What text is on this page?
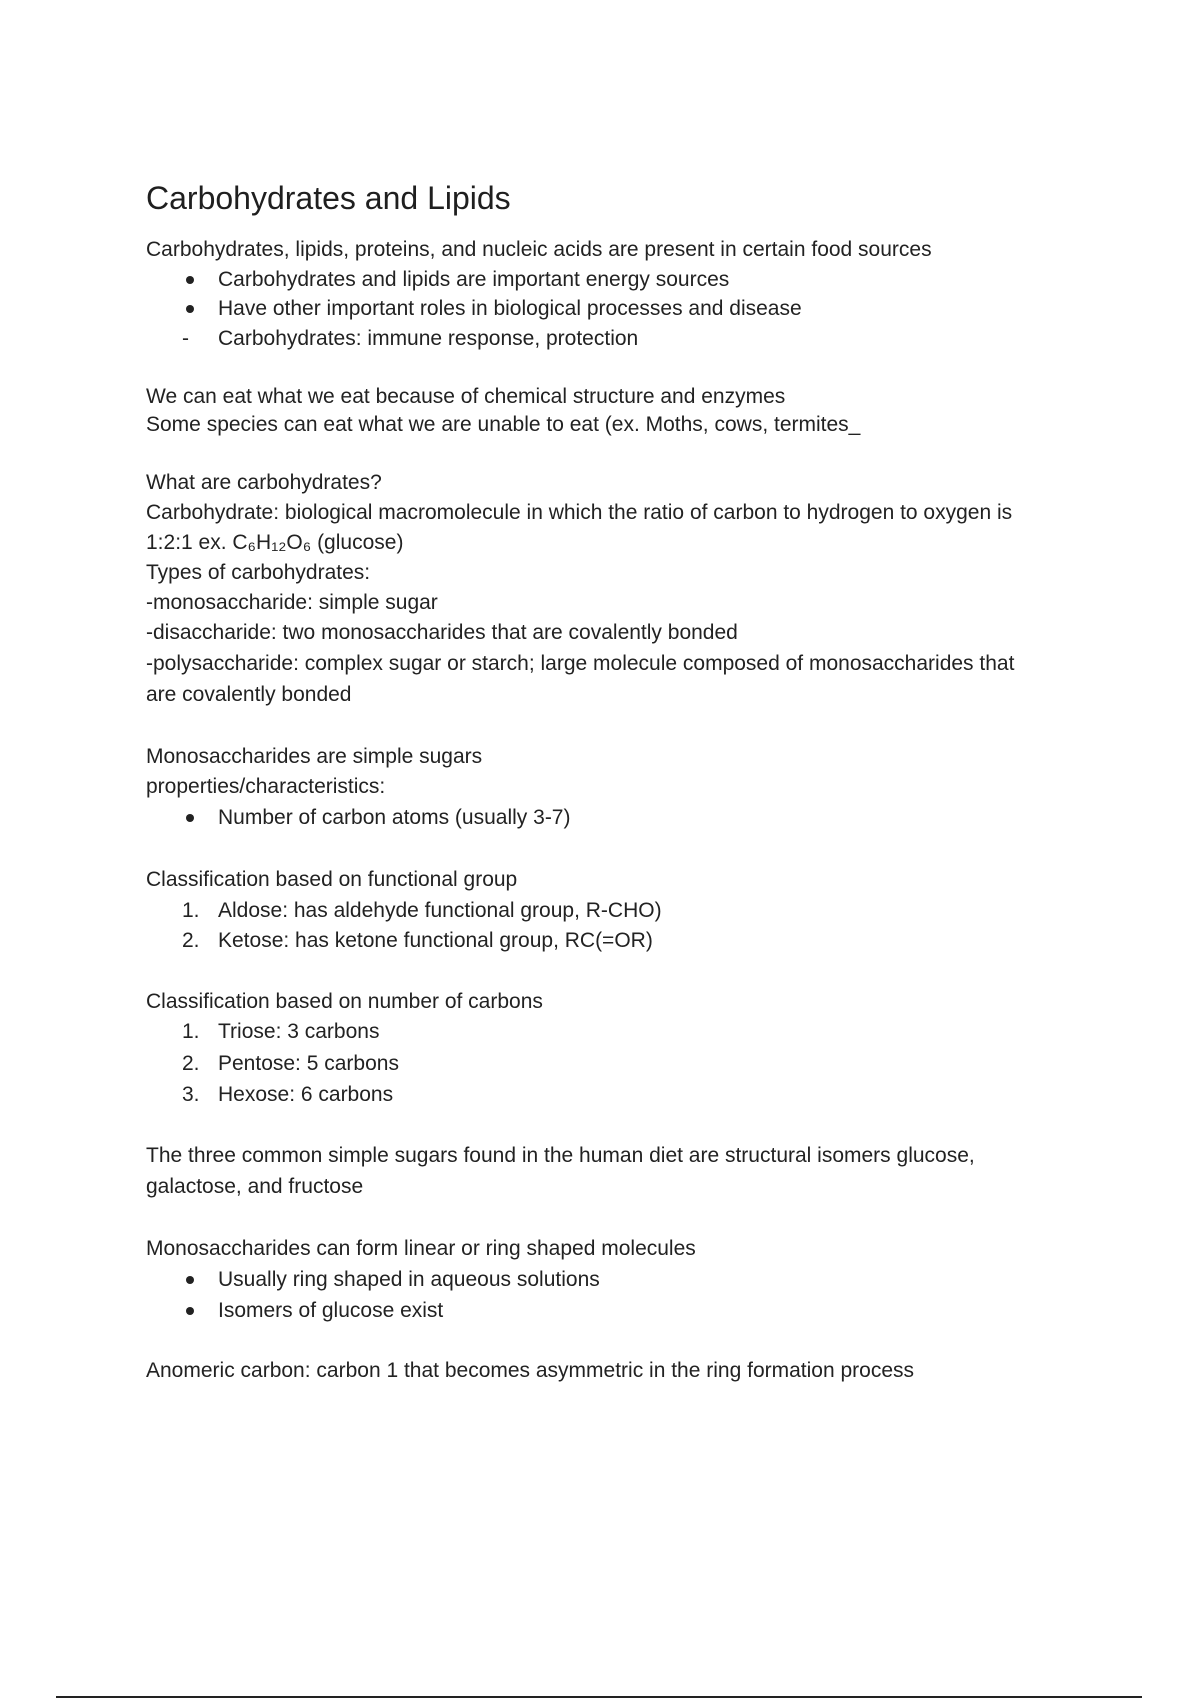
Carbohydrates and Lipids
Carbohydrates, lipids, proteins, and nucleic acids are present in certain food sources
Carbohydrates and lipids are important energy sources
Have other important roles in biological processes and disease
- Carbohydrates: immune response, protection
We can eat what we eat because of chemical structure and enzymes
Some species can eat what we are unable to eat (ex. Moths, cows, termites_
What are carbohydrates?
Carbohydrate: biological macromolecule in which the ratio of carbon to hydrogen to oxygen is
1:2:1 ex. C₆H₁₂O₆ (glucose)
Types of carbohydrates:
-monosaccharide: simple sugar
-disaccharide: two monosaccharides that are covalently bonded
-polysaccharide: complex sugar or starch; large molecule composed of monosaccharides that
are covalently bonded
Monosaccharides are simple sugars
properties/characteristics:
Number of carbon atoms (usually 3-7)
Classification based on functional group
1. Aldose: has aldehyde functional group, R-CHO)
2. Ketose: has ketone functional group, RC(=OR)
Classification based on number of carbons
1. Triose: 3 carbons
2. Pentose: 5 carbons
3. Hexose: 6 carbons
The three common simple sugars found in the human diet are structural isomers glucose,
galactose, and fructose
Monosaccharides can form linear or ring shaped molecules
Usually ring shaped in aqueous solutions
Isomers of glucose exist
Anomeric carbon: carbon 1 that becomes asymmetric in the ring formation process
